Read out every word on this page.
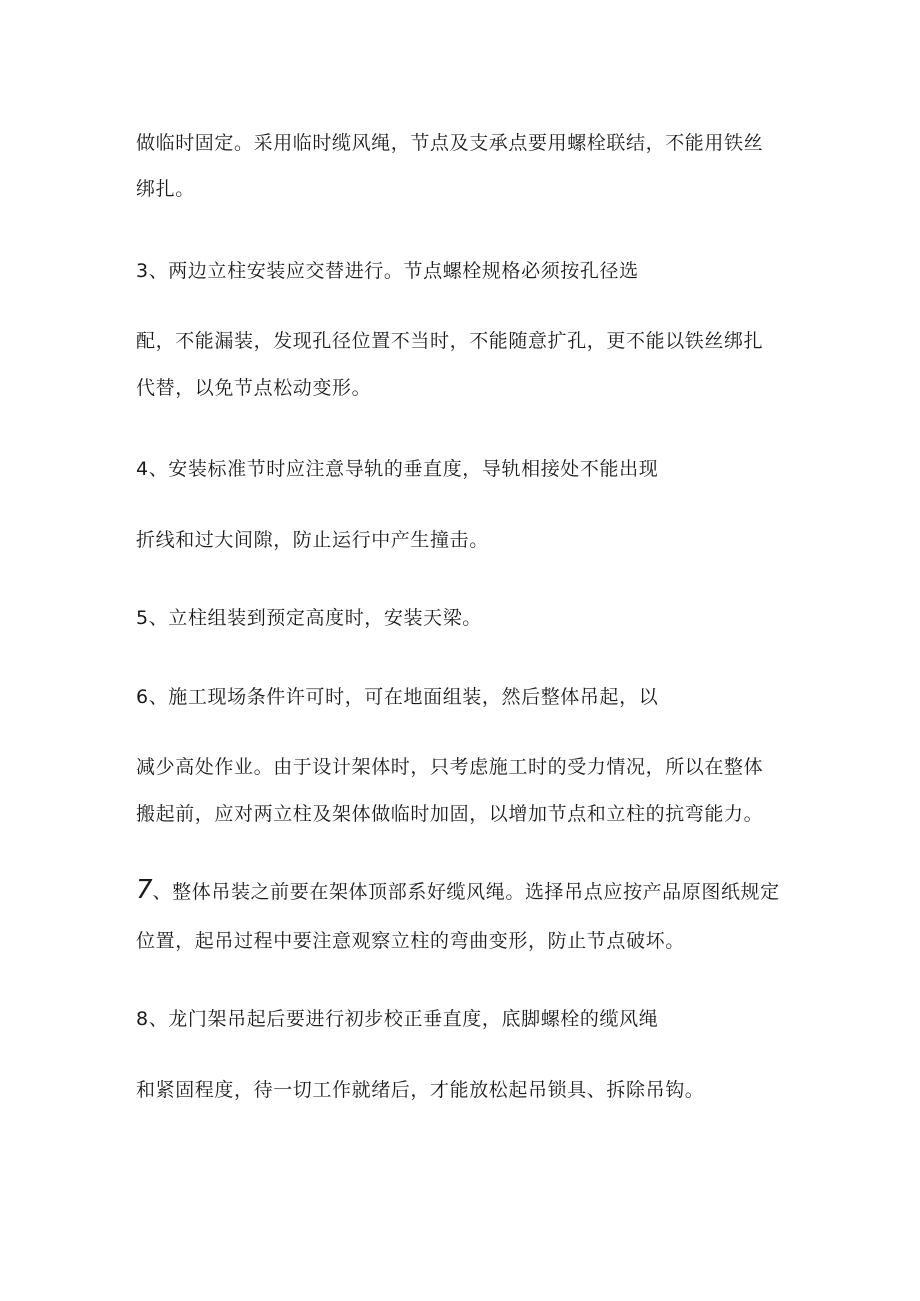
做临时固定。采用临时缆风绳，节点及支承点要用螺栓联结，不能用铁丝
绑扎。
3、两边立柱安装应交替进行。节点螺栓规格必须按孔径选
配，不能漏装，发现孔径位置不当时，不能随意扩孔，更不能以铁丝绑扎
代替，以免节点松动变形。
4、安装标准节时应注意导轨的垂直度，导轨相接处不能出现
折线和过大间隙，防止运行中产生撞击。
5、立柱组装到预定高度时，安装天梁。
6、施工现场条件许可时，可在地面组装，然后整体吊起，以
减少高处作业。由于设计架体时，只考虑施工时的受力情况，所以在整体
搬起前，应对两立柱及架体做临时加固，以增加节点和立柱的抗弯能力。
7、整体吊装之前要在架体顶部系好缆风绳。选择吊点应按产品原图纸规定
位置，起吊过程中要注意观察立柱的弯曲变形，防止节点破坏。
8、龙门架吊起后要进行初步校正垂直度，底脚螺栓的缆风绳
和紧固程度，待一切工作就绪后，才能放松起吊锁具、拆除吊钩。
